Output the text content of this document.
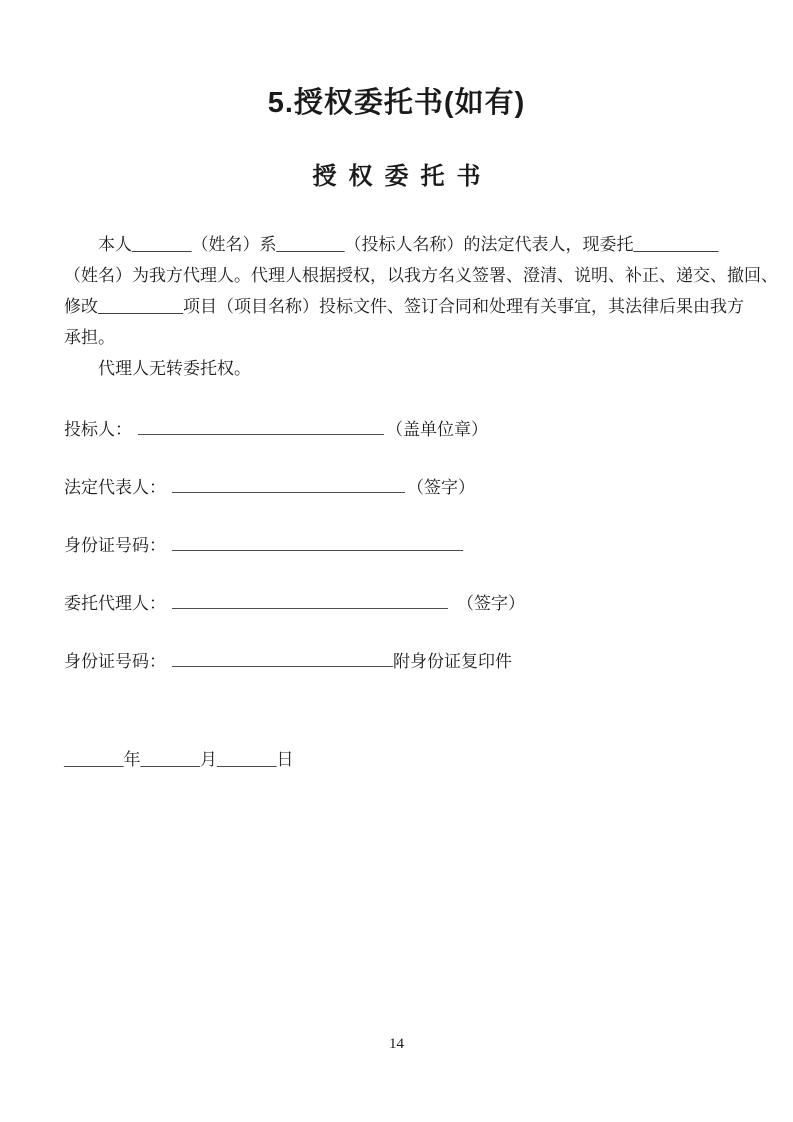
5.授权委托书(如有)
授权委托书
本人_______（姓名）系________（投标人名称）的法定代表人，现委托__________
（姓名）为我方代理人。代理人根据授权，以我方名义签署、澄清、说明、补正、递交、撤回、
修改__________项目（项目名称）投标文件、签订合同和处理有关事宜，其法律后果由我方
承担。
代理人无转委托权。
投标人：	（盖单位章）
法定代表人：	（签字）
身份证号码：
委托代理人：	（签字）
身份证号码：	附身份证复印件
_______年_______月_______日
14
